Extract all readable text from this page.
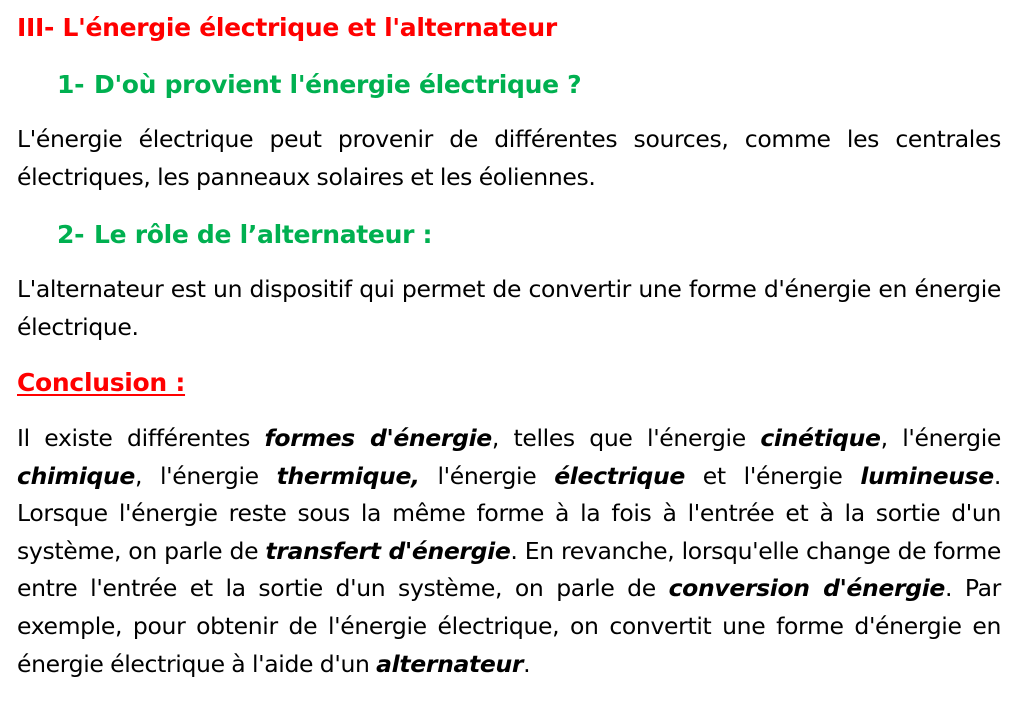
III- L'énergie électrique et l'alternateur
1- D'où provient l'énergie électrique ?
L'énergie électrique peut provenir de différentes sources, comme les centrales électriques, les panneaux solaires et les éoliennes.
2- Le rôle de l’alternateur :
L'alternateur est un dispositif qui permet de convertir une forme d'énergie en énergie électrique.
Conclusion :
Il existe différentes formes d'énergie, telles que l'énergie cinétique, l'énergie chimique, l'énergie thermique, l'énergie électrique et l'énergie lumineuse. Lorsque l'énergie reste sous la même forme à la fois à l'entrée et à la sortie d'un système, on parle de transfert d'énergie. En revanche, lorsqu'elle change de forme entre l'entrée et la sortie d'un système, on parle de conversion d'énergie. Par exemple, pour obtenir de l'énergie électrique, on convertit une forme d'énergie en énergie électrique à l'aide d'un alternateur.
